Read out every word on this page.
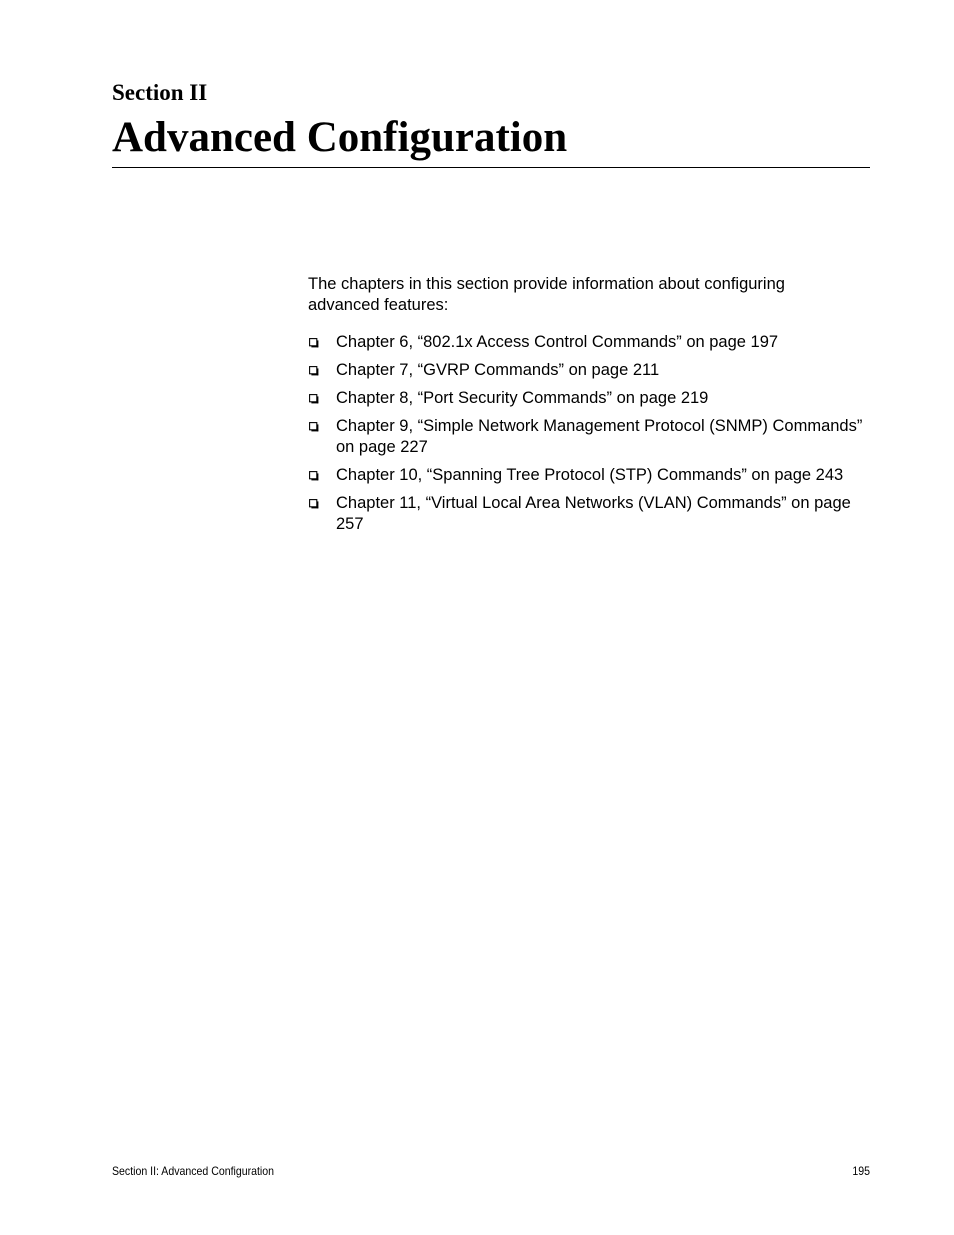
Section II
Advanced Configuration

The chapters in this section provide information about configuring advanced features:

Chapter 6, “802.1x Access Control Commands” on page 197
Chapter 7, “GVRP Commands” on page 211
Chapter 8, “Port Security Commands” on page 219
Chapter 9, “Simple Network Management Protocol (SNMP) Commands” on page 227
Chapter 10, “Spanning Tree Protocol (STP) Commands” on page 243
Chapter 11, “Virtual Local Area Networks (VLAN) Commands” on page 257
Section II: Advanced Configuration	195
